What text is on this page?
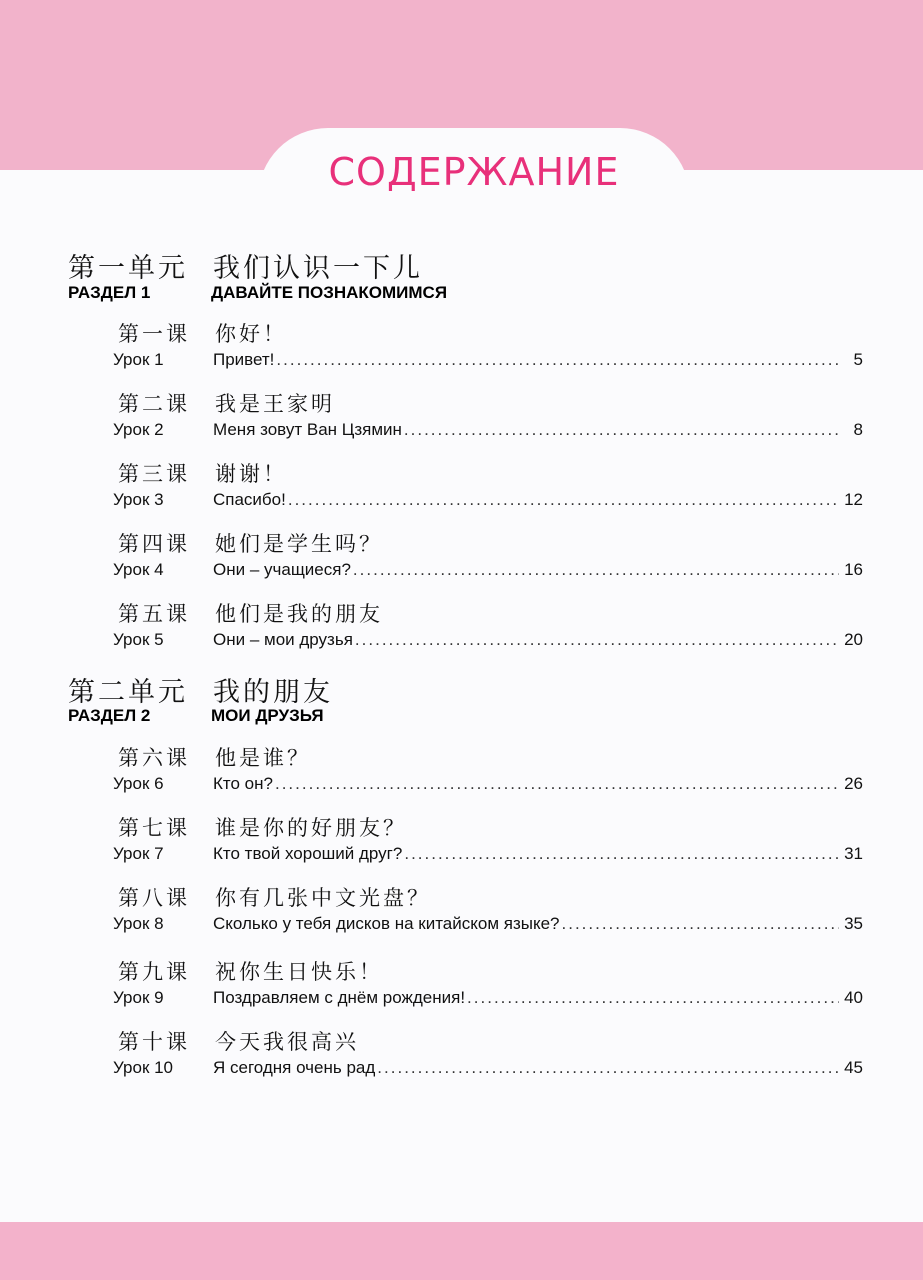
СОДЕРЖАНИЕ
第一单元 我们认识一下儿
РАЗДЕЛ 1	ДАВАЙТЕ ПОЗНАКОМИМСЯ
第一课 你好！
Урок 1	Привет! .....	5
第二课 我是王家明
Урок 2	Меня зовут Ван Цзямин .....	8
第三课 谢谢！
Урок 3	Спасибо! .....	12
第四课 她们是学生吗？
Урок 4	Они – учащиеся? .....	16
第五课 他们是我的朋友
Урок 5	Они – мои друзья .....	20
第二单元 我的朋友
РАЗДЕЛ 2	МОИ ДРУЗЬЯ
第六课 他是谁？
Урок 6	Кто он? .....	26
第七课 谁是你的好朋友？
Урок 7	Кто твой хороший друг? .....	31
第八课 你有几张中文光盘？
Урок 8	Сколько у тебя дисков на китайском языке? .....	35
第九课 祝你生日快乐！
Урок 9	Поздравляем с днём рождения! .....	40
第十课 今天我很高兴
Урок 10 Я сегодня очень рад .....	45
